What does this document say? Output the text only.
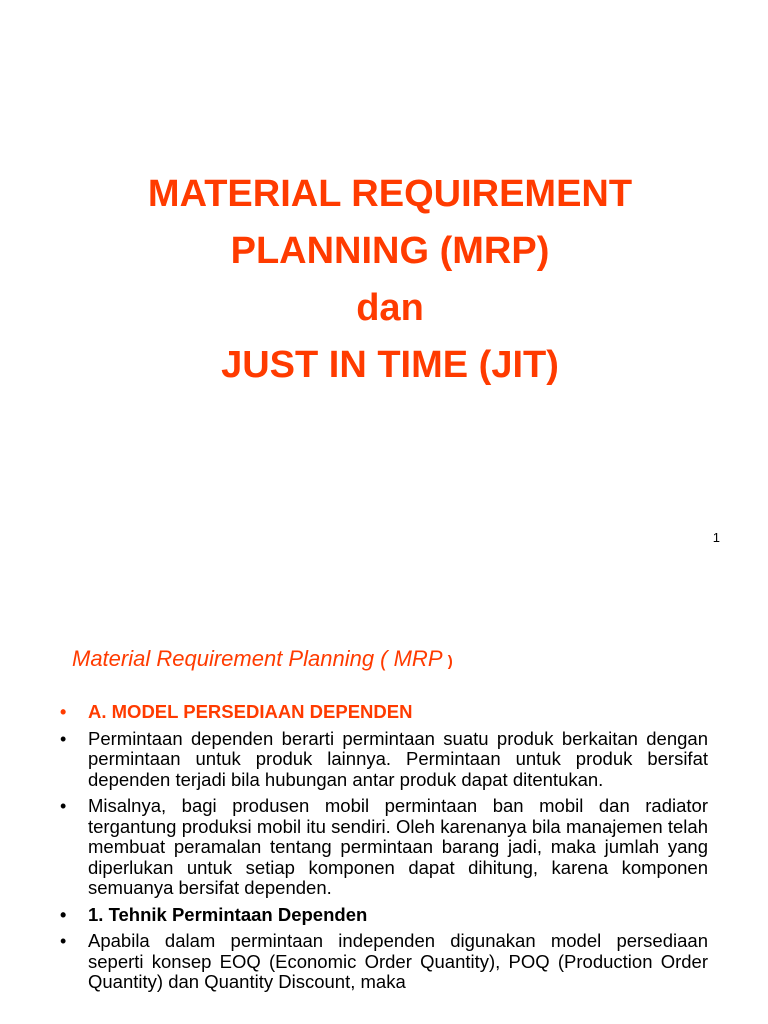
MATERIAL REQUIREMENT
PLANNING (MRP)
dan
JUST IN TIME (JIT)
1
Material Requirement Planning ( MRP )
• A. MODEL PERSEDIAAN DEPENDEN
• Permintaan dependen berarti permintaan suatu produk berkaitan dengan permintaan untuk produk lainnya. Permintaan untuk produk bersifat dependen terjadi bila hubungan antar produk dapat ditentukan.
• Misalnya, bagi produsen mobil permintaan ban mobil dan radiator tergantung produksi mobil itu sendiri. Oleh karenanya bila manajemen telah membuat peramalan tentang permintaan barang jadi, maka jumlah yang diperlukan untuk setiap komponen dapat dihitung, karena komponen semuanya bersifat dependen.
• 1. Tehnik Permintaan Dependen
• Apabila dalam permintaan independen digunakan model persediaan seperti konsep EOQ (Economic Order Quantity), POQ (Production Order Quantity) dan Quantity Discount, maka
